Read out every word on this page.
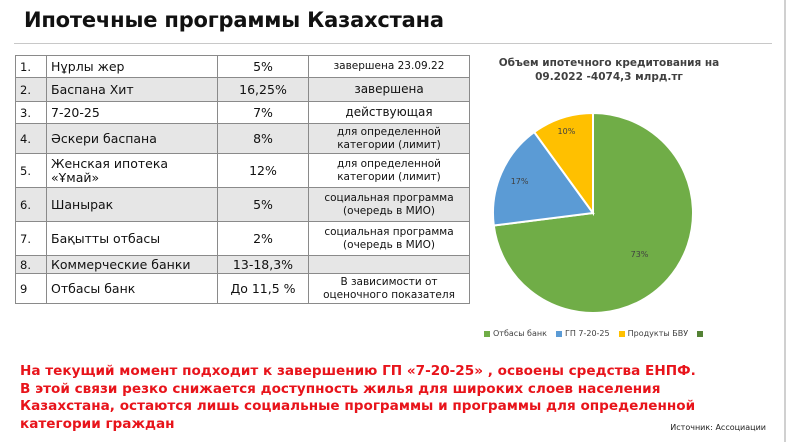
Ипотечные программы Казахстана
1.	Нұрлы жер	5%	завершена 23.09.22
2.	Баспана Хит	16,25%	завершена
3.	7-20-25	7%	действующая
4.	Әскери баспана	8%	для определенной категории (лимит)
5.	Женская ипотека «Ұмай»	12%	для определенной категории (лимит)
6.	Шанырак	5%	социальная программа (очередь в МИО)
7.	Бақытты отбасы	2%	социальная программа (очередь в МИО)
8.	Коммерческие банки	13-18,3%	
9	Отбасы банк	До 11,5 %	В зависимости от оценочного показателя
Объем ипотечного кредитования на 09.2022 -4074,3 млрд.тг
73%
17%
10%
Отбасы банк ГП 7-20-25 Продукты БВУ
На текущий момент подходит к завершению ГП «7-20-25» , освоены средства ЕНПФ.
В этой связи резко снижается доступность жилья для широких слоев населения
Казахстана, остаются лишь социальные программы и программы для определенной
категории граждан	Источник: Ассоциации
